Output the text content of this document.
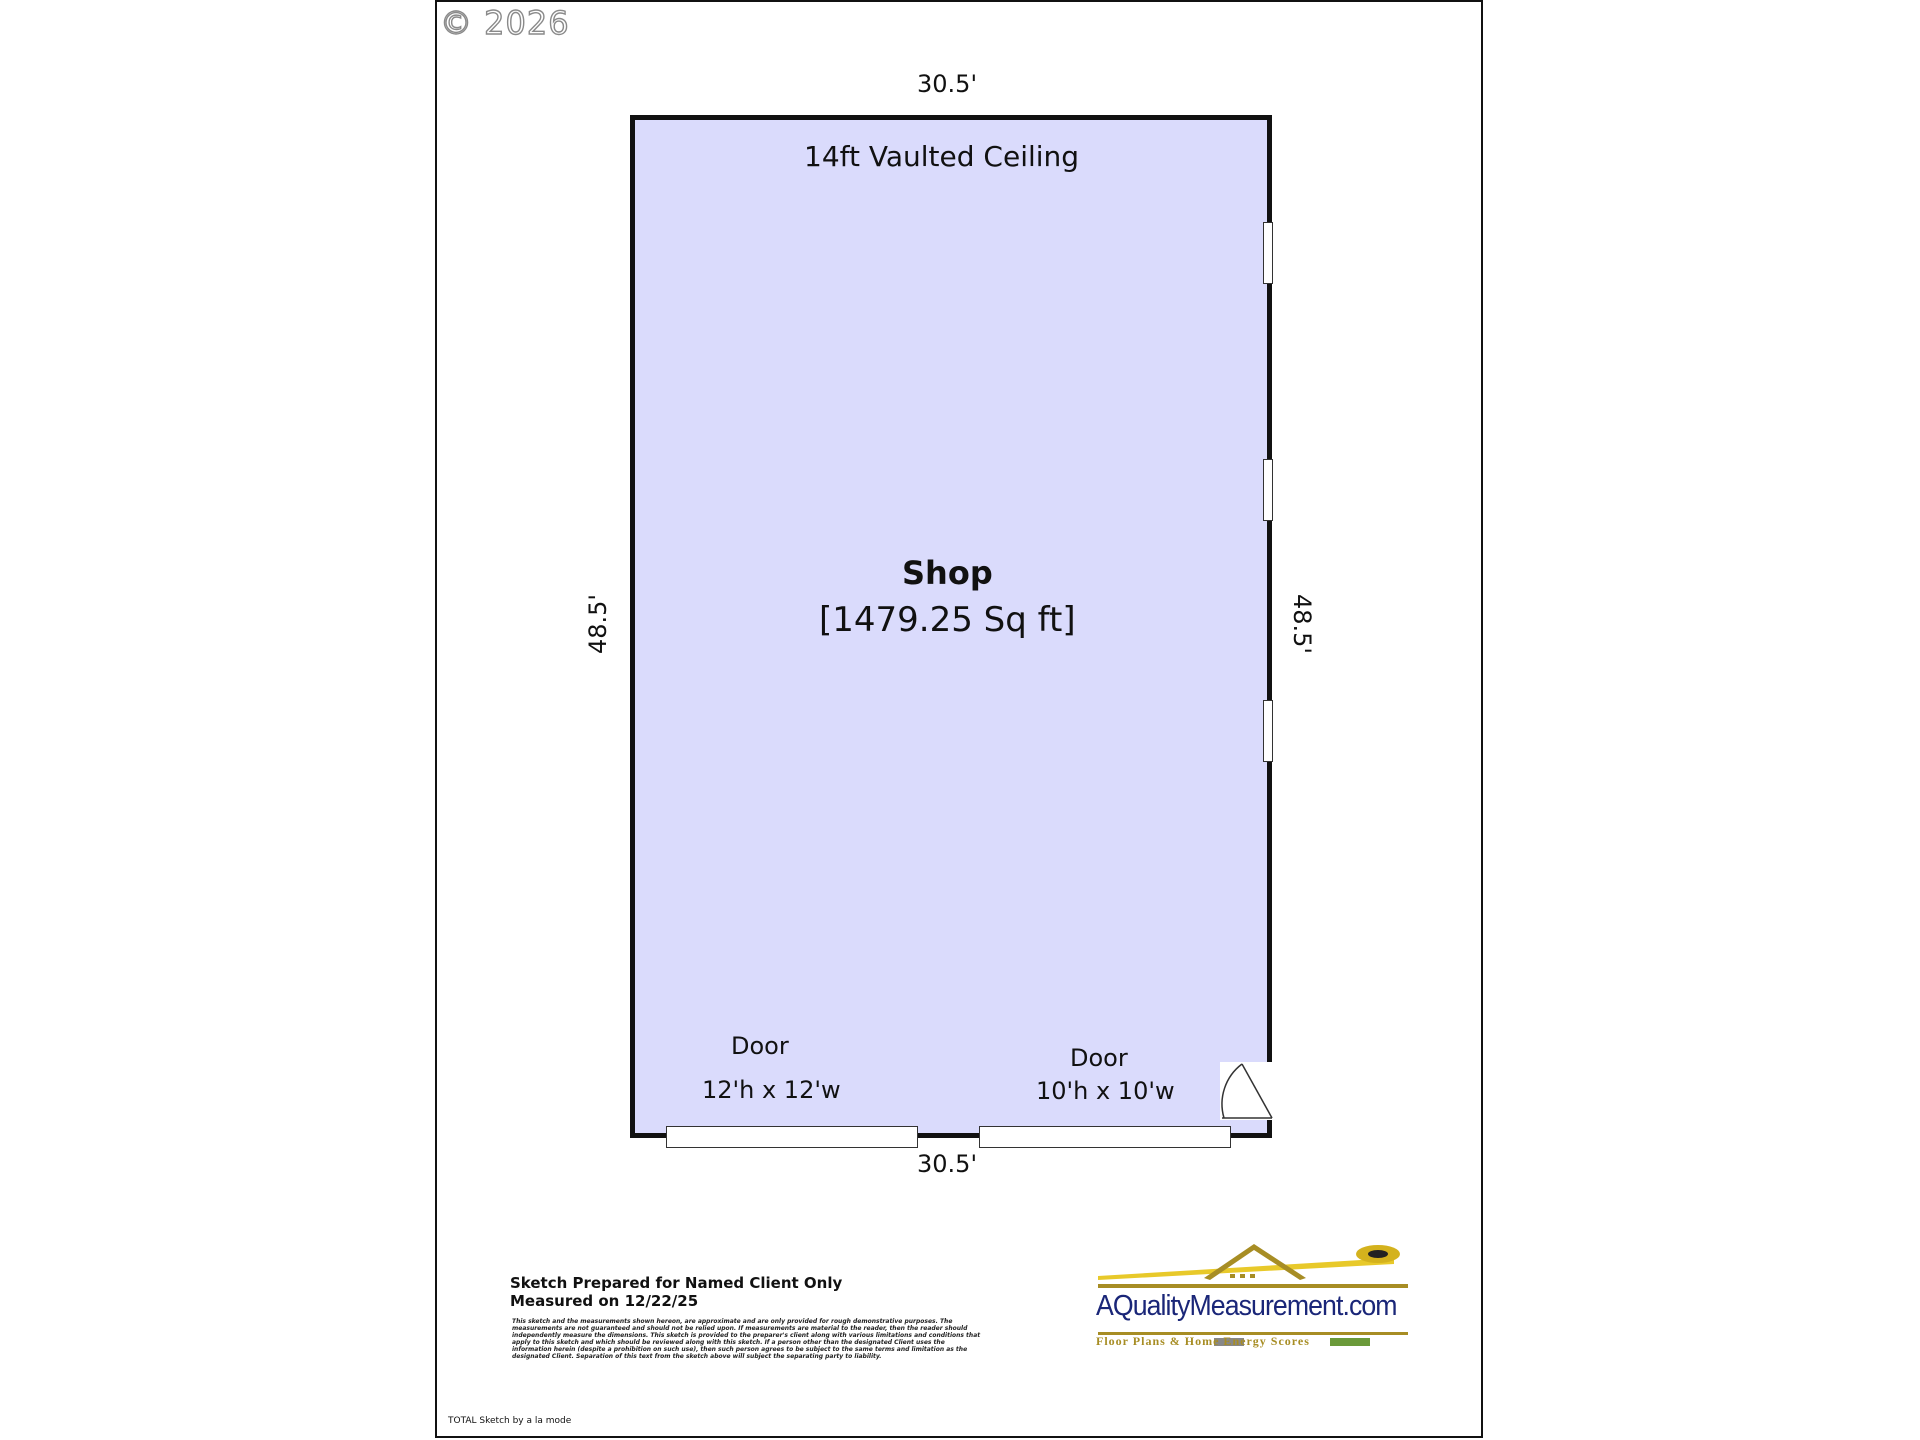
© 2026
30.5'
30.5'
48.5'	48.5'
14ft Vaulted Ceiling
Shop
[1479.25 Sq ft]
Door
12'h x 12'w
Door
10'h x 10'w
Sketch Prepared for Named Client Only
Measured on 12/22/25
This sketch and the measurements shown hereon, are approximate and are only provided for rough demonstrative purposes. The measurements are not guaranteed and should not be relied upon. If measurements are material to the reader, then the reader should independently measure the dimensions. This sketch is provided to the preparer's client along with various limitations and conditions that apply to this sketch and which should be reviewed along with this sketch. If a person other than the designated Client uses the information herein (despite a prohibition on such use), then such person agrees to be subject to the same terms and limitation as the designated Client. Separation of this text from the sketch above will subject the separating party to liability.
AQualityMeasurement.com
Floor Plans & Home Energy Scores
TOTAL Sketch by a la mode
